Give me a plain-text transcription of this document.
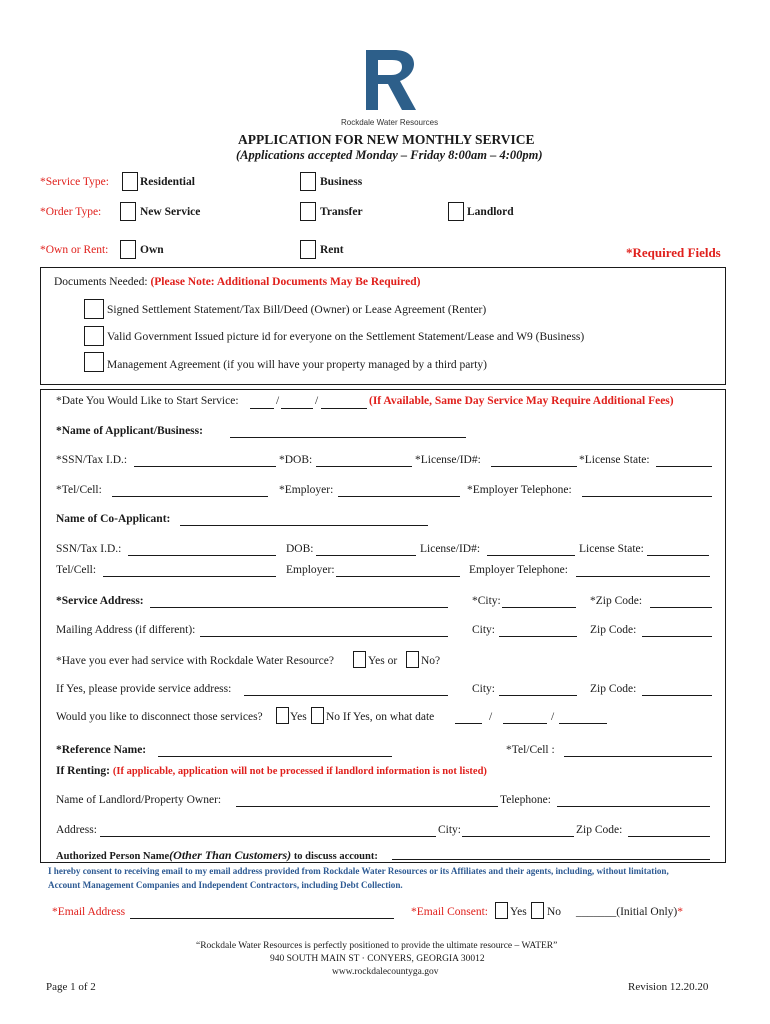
Rockdale Water Resources
APPLICATION FOR NEW MONTHLY SERVICE
(Applications accepted Monday – Friday 8:00am – 4:00pm)
*Service Type:	Residential	Business
*Order Type:	New Service	Transfer	Landlord
*Own or Rent:	Own	Rent	*Required Fields
Documents Needed: (Please Note: Additional Documents May Be Required)
Signed Settlement Statement/Tax Bill/Deed (Owner) or Lease Agreement (Renter)
Valid Government Issued picture id for everyone on the Settlement Statement/Lease and W9 (Business)
Management Agreement (if you will have your property managed by a third party)
*Date You Would Like to Start Service:	/	/	(If Available, Same Day Service May Require Additional Fees)
*Name of Applicant/Business:
*SSN/Tax I.D.:	*DOB:	*License/ID#:	*License State:
*Tel/Cell:	*Employer:	*Employer Telephone:
Name of Co-Applicant:
SSN/Tax I.D.:	DOB:	License/ID#:	License State:
Tel/Cell:	Employer:	Employer Telephone:
*Service Address:	*City:	*Zip Code:
Mailing Address (if different):	City:	Zip Code:
*Have you ever had service with Rockdale Water Resource?	Yes or No?
If Yes, please provide service address:	City:	Zip Code:
Would you like to disconnect those services? Yes No If Yes, on what date	/	/
*Reference Name:	*Tel/Cell :
If Renting: (If applicable, application will not be processed if landlord information is not listed)
Name of Landlord/Property Owner:	Telephone:
Address:	City:	Zip Code:
Authorized Person Name(Other Than Customers) to discuss account:
I hereby consent to receiving email to my email address provided from Rockdale Water Resources or its Affiliates and their agents, including, without limitation,
Account Management Companies and Independent Contractors, including Debt Collection.
*Email Address	*Email Consent: Yes No _______(Initial Only)*
“Rockdale Water Resources is perfectly positioned to provide the ultimate resource – WATER”
940 SOUTH MAIN ST · CONYERS, GEORGIA 30012
www.rockdalecountyga.gov
Page 1 of 2	Revision 12.20.20
